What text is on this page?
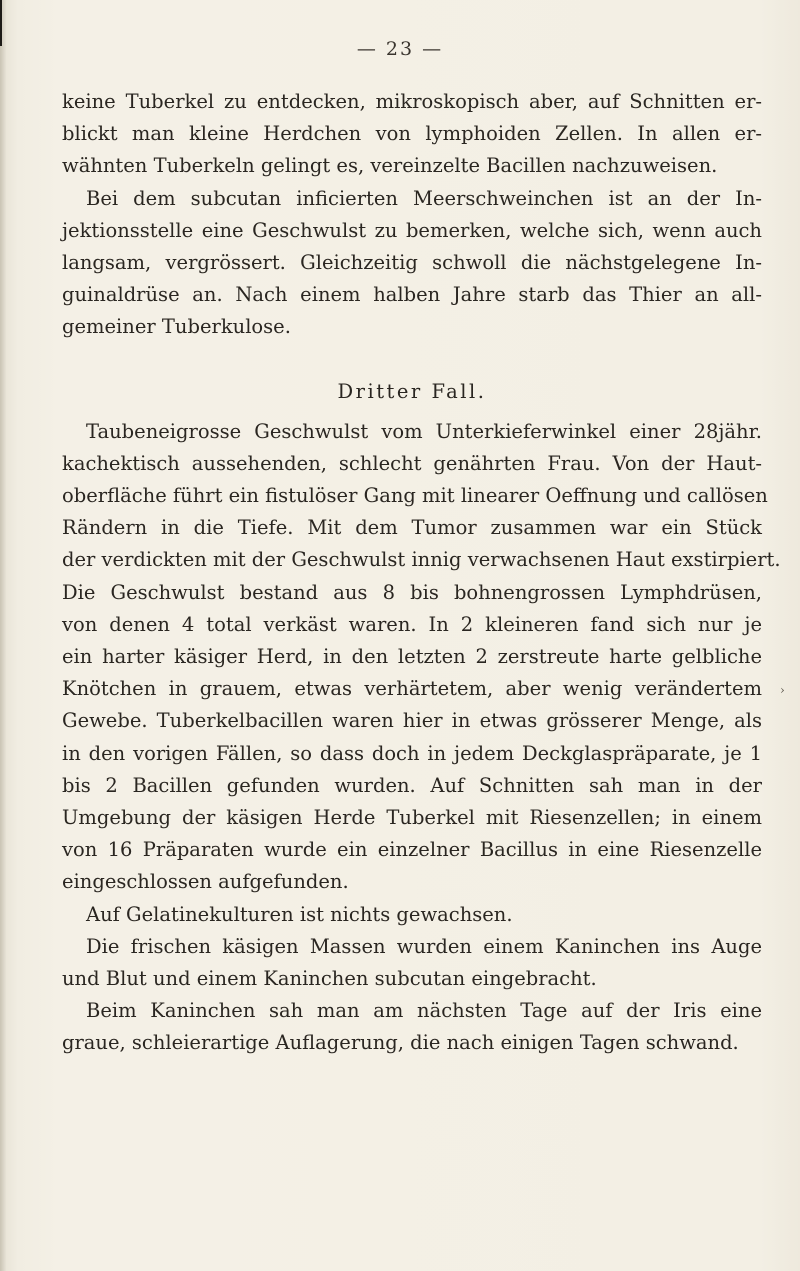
— 23 —
keine Tuberkel zu entdecken, mikroskopisch aber, auf Schnitten er-
blickt man kleine Herdchen von lymphoiden Zellen. In allen er-
wähnten Tuberkeln gelingt es, vereinzelte Bacillen nachzuweisen.
Bei dem subcutan inficierten Meerschweinchen ist an der In-
jektionsstelle eine Geschwulst zu bemerken, welche sich, wenn auch
langsam, vergrössert. Gleichzeitig schwoll die nächstgelegene In-
guinaldrüse an. Nach einem halben Jahre starb das Thier an all-
gemeiner Tuberkulose.
Dritter Fall.
Taubeneigrosse Geschwulst vom Unterkieferwinkel einer 28jähr.
kachektisch aussehenden, schlecht genährten Frau. Von der Haut-
oberfläche führt ein fistulöser Gang mit linearer Oeffnung und callösen
Rändern in die Tiefe. Mit dem Tumor zusammen war ein Stück
der verdickten mit der Geschwulst innig verwachsenen Haut exstirpiert.
Die Geschwulst bestand aus 8 bis bohnengrossen Lymphdrüsen,
von denen 4 total verkäst waren. In 2 kleineren fand sich nur je
ein harter käsiger Herd, in den letzten 2 zerstreute harte gelbliche
Knötchen in grauem, etwas verhärtetem, aber wenig verändertem
Gewebe. Tuberkelbacillen waren hier in etwas grösserer Menge, als
in den vorigen Fällen, so dass doch in jedem Deckglaspräparate, je 1
bis 2 Bacillen gefunden wurden. Auf Schnitten sah man in der
Umgebung der käsigen Herde Tuberkel mit Riesenzellen; in einem
von 16 Präparaten wurde ein einzelner Bacillus in eine Riesenzelle
eingeschlossen aufgefunden.
Auf Gelatinekulturen ist nichts gewachsen.
Die frischen käsigen Massen wurden einem Kaninchen ins Auge
und Blut und einem Kaninchen subcutan eingebracht.
Beim Kaninchen sah man am nächsten Tage auf der Iris eine
graue, schleierartige Auflagerung, die nach einigen Tagen schwand.
›
